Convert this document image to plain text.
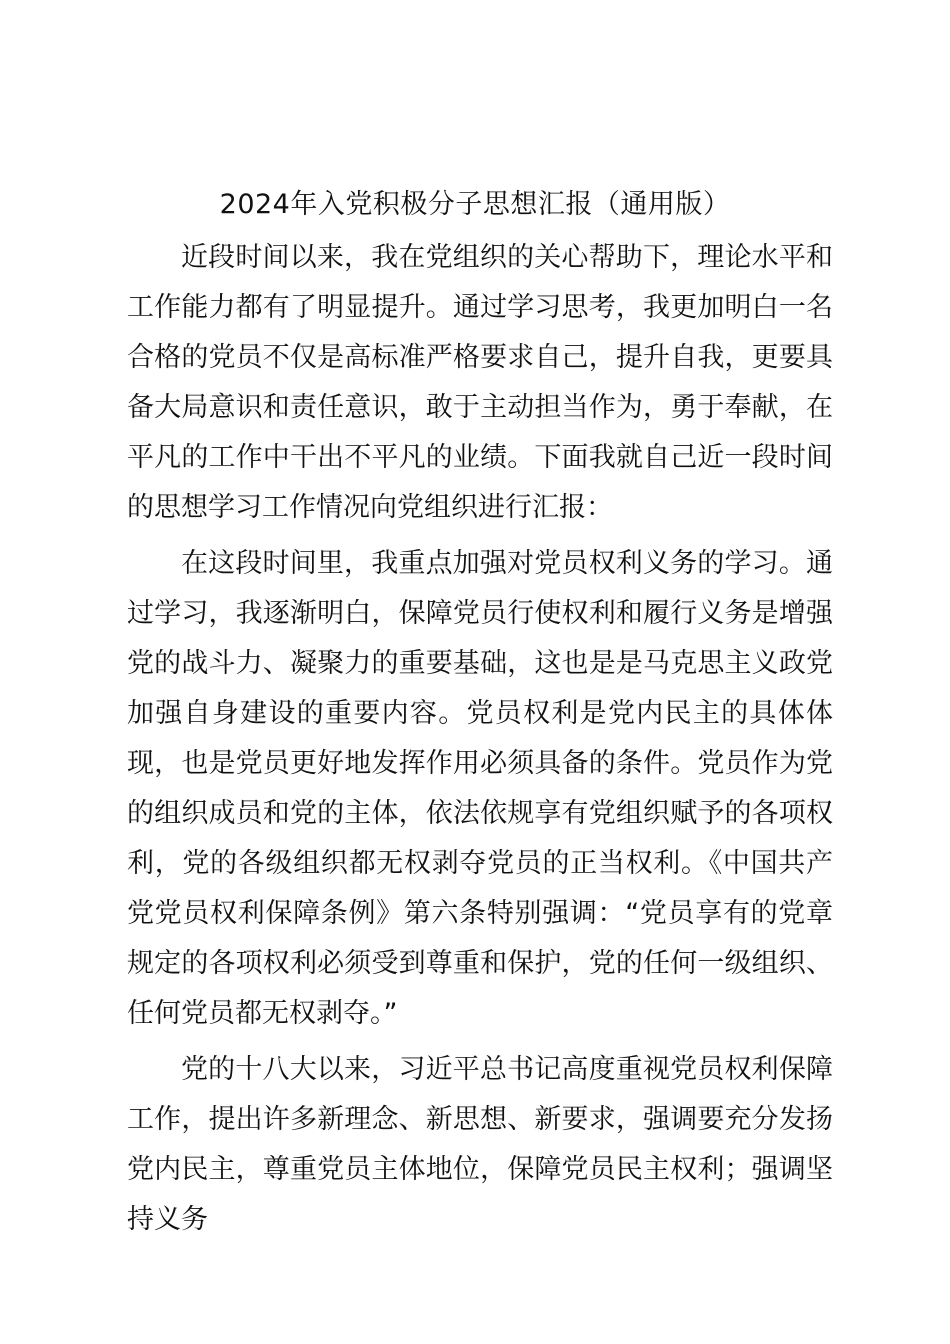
2024年入党积极分子思想汇报（通用版）

近段时间以来，我在党组织的关心帮助下，理论水平和工作能力都有了明显提升。通过学习思考，我更加明白一名合格的党员不仅是高标准严格要求自己，提升自我，更要具备大局意识和责任意识，敢于主动担当作为，勇于奉献，在平凡的工作中干出不平凡的业绩。下面我就自己近一段时间的思想学习工作情况向党组织进行汇报：

在这段时间里，我重点加强对党员权利义务的学习。通过学习，我逐渐明白，保障党员行使权利和履行义务是增强党的战斗力、凝聚力的重要基础，这也是是马克思主义政党加强自身建设的重要内容。党员权利是党内民主的具体体现，也是党员更好地发挥作用必须具备的条件。党员作为党的组织成员和党的主体，依法依规享有党组织赋予的各项权利，党的各级组织都无权剥夺党员的正当权利。《中国共产党党员权利保障条例》第六条特别强调：“党员享有的党章规定的各项权利必须受到尊重和保护，党的任何一级组织、任何党员都无权剥夺。”

党的十八大以来，习近平总书记高度重视党员权利保障工作，提出许多新理念、新思想、新要求，强调要充分发扬党内民主，尊重党员主体地位，保障党员民主权利；强调坚持义务
